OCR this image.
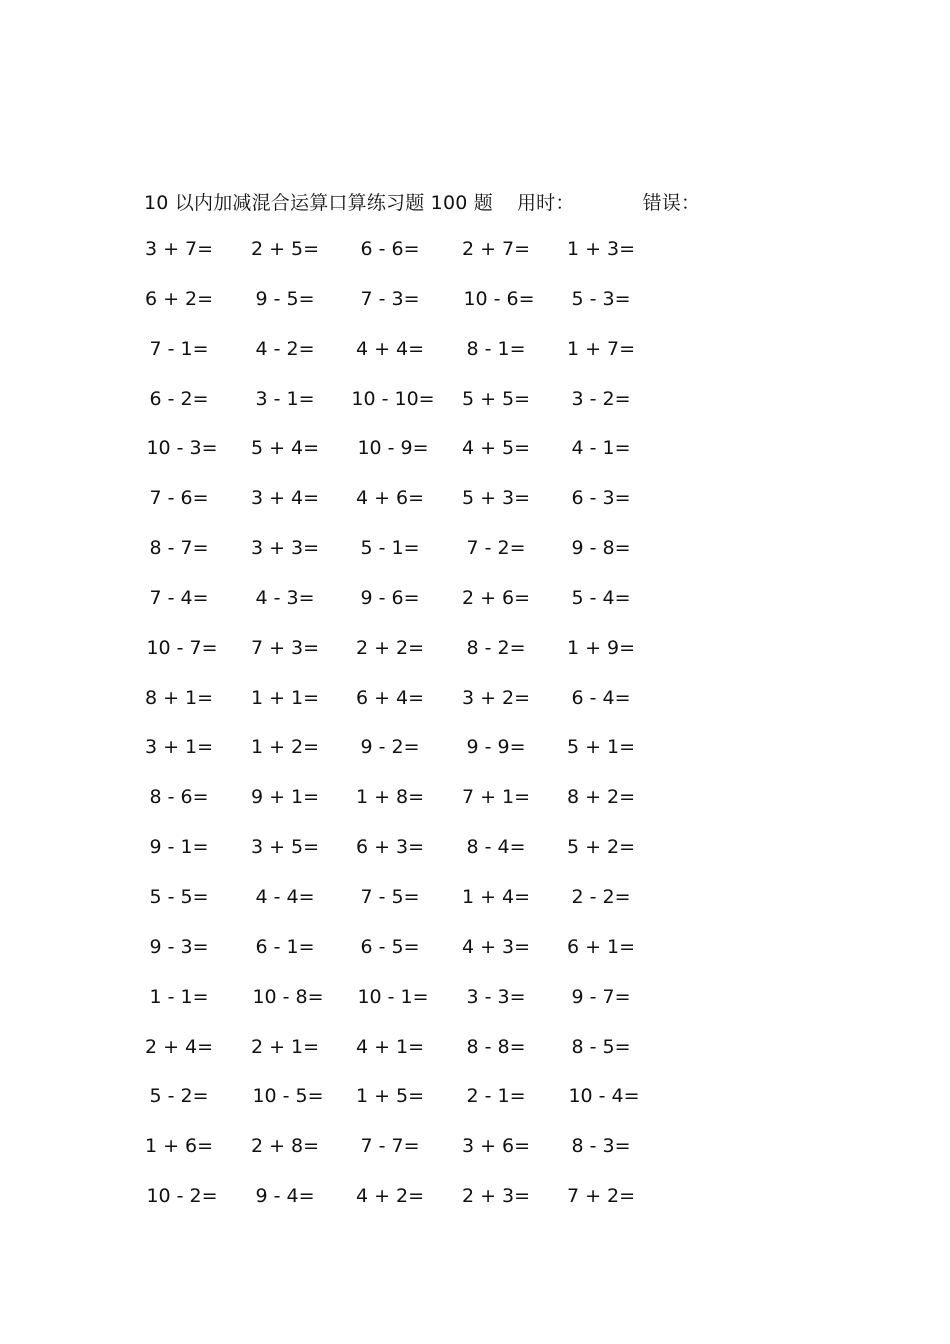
10 以内加减混合运算口算练习题 100 题 用时：	错误：
3 + 7= 2 + 5=	6 - 6=	2 + 7= 1 + 3=
6 + 2=	9 - 5=	7 - 3=	10 - 6=	5 - 3=
7 - 1=	4 - 2=	4 + 4=	8 - 1=	1 + 7=
6 - 2=	3 - 1=	10 - 10= 5 + 5=	3 - 2=
10 - 3=	5 + 4=	10 - 9=	4 + 5=	4 - 1=
7 - 6=	3 + 4= 4 + 6= 5 + 3=	6 - 3=
8 - 7=	3 + 3=	5 - 1=	7 - 2=	9 - 8=
7 - 4=	4 - 3=	9 - 6=	2 + 6=	5 - 4=
10 - 7=	7 + 3= 2 + 2=	8 - 2=	1 + 9=
8 + 1= 1 + 1= 6 + 4= 3 + 2=	6 - 4=
3 + 1= 1 + 2=	9 - 2=	9 - 9=	5 + 1=
8 - 6=	9 + 1= 1 + 8= 7 + 1= 8 + 2=
9 - 1=	3 + 5= 6 + 3=	8 - 4=	5 + 2=
5 - 5=	4 - 4=	7 - 5=	1 + 4=	2 - 2=
9 - 3=	6 - 1=	6 - 5=	4 + 3= 6 + 1=
1 - 1=	10 - 8=	10 - 1=	3 - 3=	9 - 7=
2 + 4= 2 + 1= 4 + 1=	8 - 8=	8 - 5=
5 - 2=	10 - 5=	1 + 5=	2 - 1=	10 - 4=
1 + 6= 2 + 8=	7 - 7=	3 + 6=	8 - 3=
10 - 2=	9 - 4=	4 + 2= 2 + 3= 7 + 2=
